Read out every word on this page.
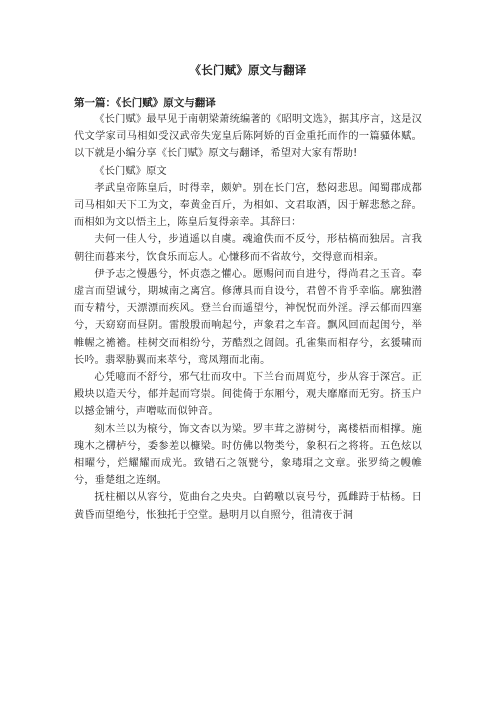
《长门赋》原文与翻译
第一篇：《长门赋》原文与翻译

《长门赋》最早见于南朝梁萧统编著的《昭明文选》，据其序言，这是汉代文学家司马相如受汉武帝失宠皇后陈阿娇的百金重托而作的一篇骚体赋。以下就是小编分享《长门赋》原文与翻译，希望对大家有帮助!

《长门赋》原文

孝武皇帝陈皇后，时得幸，颇妒。别在长门宫，愁闷悲思。闻蜀郡成都司马相如天下工为文，奉黄金百斤，为相如、文君取酒，因于解悲愁之辞。而相如为文以悟主上，陈皇后复得亲幸。其辞曰：

夫何一佳人兮，步逍遥以自虞。魂逾佚而不反兮，形枯槁而独居。言我朝往而暮来兮，饮食乐而忘人。心慊移而不省故兮，交得意而相亲。

伊予志之慢愚兮，怀贞悫之懽心。愿赐问而自进兮，得尚君之玉音。奉虚言而望诚兮，期城南之离宫。修薄具而自设兮，君曾不肯乎幸临。廓独潜而专精兮，天漂漂而疾风。登兰台而遥望兮，神怳怳而外淫。浮云郁而四塞兮，天窈窈而昼阴。雷殷殷而响起兮，声象君之车音。飘风回而起闺兮，举帷幄之襜襜。桂树交而相纷兮，芳酷烈之訚訚。孔雀集而相存兮，玄猨啸而长吟。翡翠胁翼而来萃兮，鸾凤翔而北南。

心凭噫而不舒兮，邪气壮而攻中。下兰台而周览兮，步从容于深宫。正殿块以造天兮，郁并起而穹崇。间徙倚于东厢兮，观夫靡靡而无穷。挤玉户以撼金铺兮，声噌吰而似钟音。

刻木兰以为榱兮，饰文杏以为梁。罗丰茸之游树兮，离楼梧而相撑。施瑰木之欂栌兮，委参差以槺梁。时仿佛以物类兮，象积石之将将。五色炫以相曜兮，烂耀耀而成光。致错石之瓴甓兮，象瑇瑁之文章。张罗绮之幔帷兮，垂楚组之连纲。

抚柱楣以从容兮，览曲台之央央。白鹤噭以哀号兮，孤雌跱于枯杨。日黄昏而望绝兮，怅独托于空堂。悬明月以自照兮，徂清夜于洞
